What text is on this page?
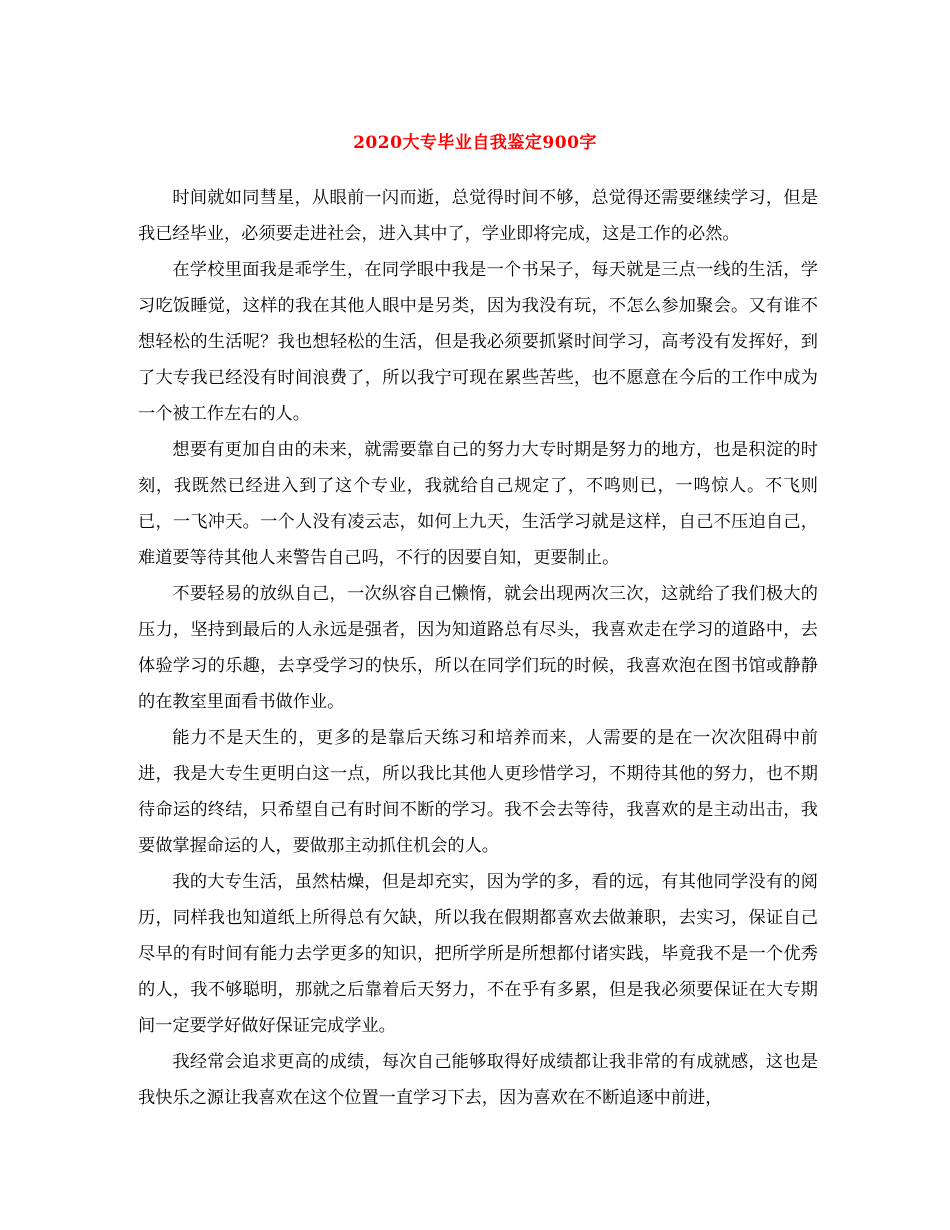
2020大专毕业自我鉴定900字

时间就如同彗星，从眼前一闪而逝，总觉得时间不够，总觉得还需要继续学习，但是我已经毕业，必须要走进社会，进入其中了，学业即将完成，这是工作的必然。

在学校里面我是乖学生，在同学眼中我是一个书呆子，每天就是三点一线的生活，学习吃饭睡觉，这样的我在其他人眼中是另类，因为我没有玩，不怎么参加聚会。又有谁不想轻松的生活呢？我也想轻松的生活，但是我必须要抓紧时间学习，高考没有发挥好，到了大专我已经没有时间浪费了，所以我宁可现在累些苦些，也不愿意在今后的工作中成为一个被工作左右的人。

想要有更加自由的未来，就需要靠自己的努力大专时期是努力的地方，也是积淀的时刻，我既然已经进入到了这个专业，我就给自己规定了，不鸣则已，一鸣惊人。不飞则已，一飞冲天。一个人没有凌云志，如何上九天，生活学习就是这样，自己不压迫自己，难道要等待其他人来警告自己吗，不行的因要自知，更要制止。

不要轻易的放纵自己，一次纵容自己懒惰，就会出现两次三次，这就给了我们极大的压力，坚持到最后的人永远是强者，因为知道路总有尽头，我喜欢走在学习的道路中，去体验学习的乐趣，去享受学习的快乐，所以在同学们玩的时候，我喜欢泡在图书馆或静静的在教室里面看书做作业。

能力不是天生的，更多的是靠后天练习和培养而来，人需要的是在一次次阻碍中前进，我是大专生更明白这一点，所以我比其他人更珍惜学习，不期待其他的努力，也不期待命运的终结，只希望自己有时间不断的学习。我不会去等待，我喜欢的是主动出击，我要做掌握命运的人，要做那主动抓住机会的人。

我的大专生活，虽然枯燥，但是却充实，因为学的多，看的远，有其他同学没有的阅历，同样我也知道纸上所得总有欠缺，所以我在假期都喜欢去做兼职，去实习，保证自己尽早的有时间有能力去学更多的知识，把所学所是所想都付诸实践，毕竟我不是一个优秀的人，我不够聪明，那就之后靠着后天努力，不在乎有多累，但是我必须要保证在大专期间一定要学好做好保证完成学业。

我经常会追求更高的成绩，每次自己能够取得好成绩都让我非常的有成就感，这也是我快乐之源让我喜欢在这个位置一直学习下去，因为喜欢在不断追逐中前进，
